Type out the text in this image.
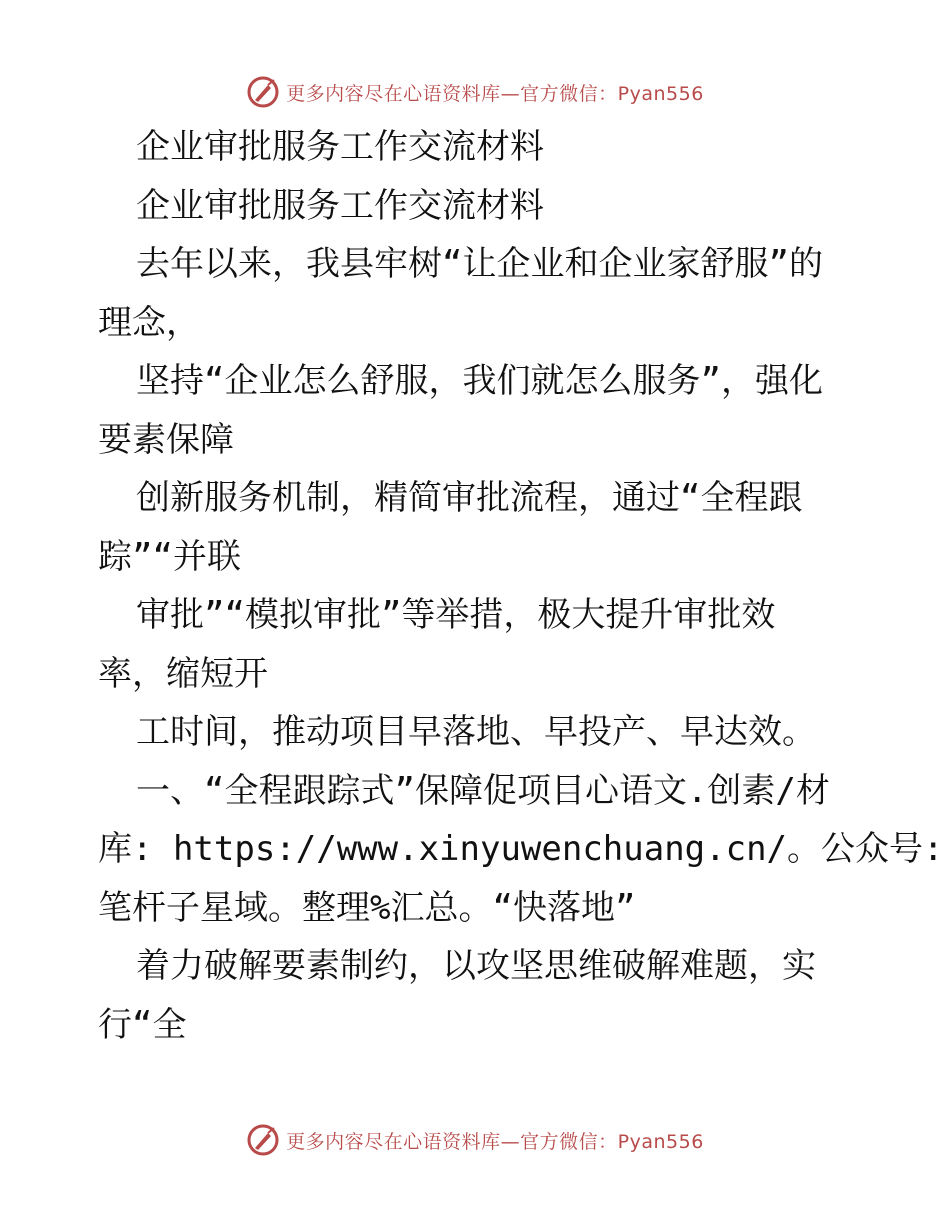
更多内容尽在心语资料库—官方微信：Pyan556
企业审批服务工作交流材料
企业审批服务工作交流材料
去年以来，我县牢树“让企业和企业家舒服”的
理念，
坚持“企业怎么舒服，我们就怎么服务”，强化
要素保障
创新服务机制，精简审批流程，通过“全程跟
踪”“并联
审批”“模拟审批”等举措，极大提升审批效
率，缩短开
工时间，推动项目早落地、早投产、早达效。
一、“全程跟踪式”保障促项目心语文.创素/材
库: https://www.xinyuwenchuang.cn/。公众号:
笔杆子星域。整理%汇总。“快落地”
着力破解要素制约，以攻坚思维破解难题，实
行“全
更多内容尽在心语资料库—官方微信：Pyan556
